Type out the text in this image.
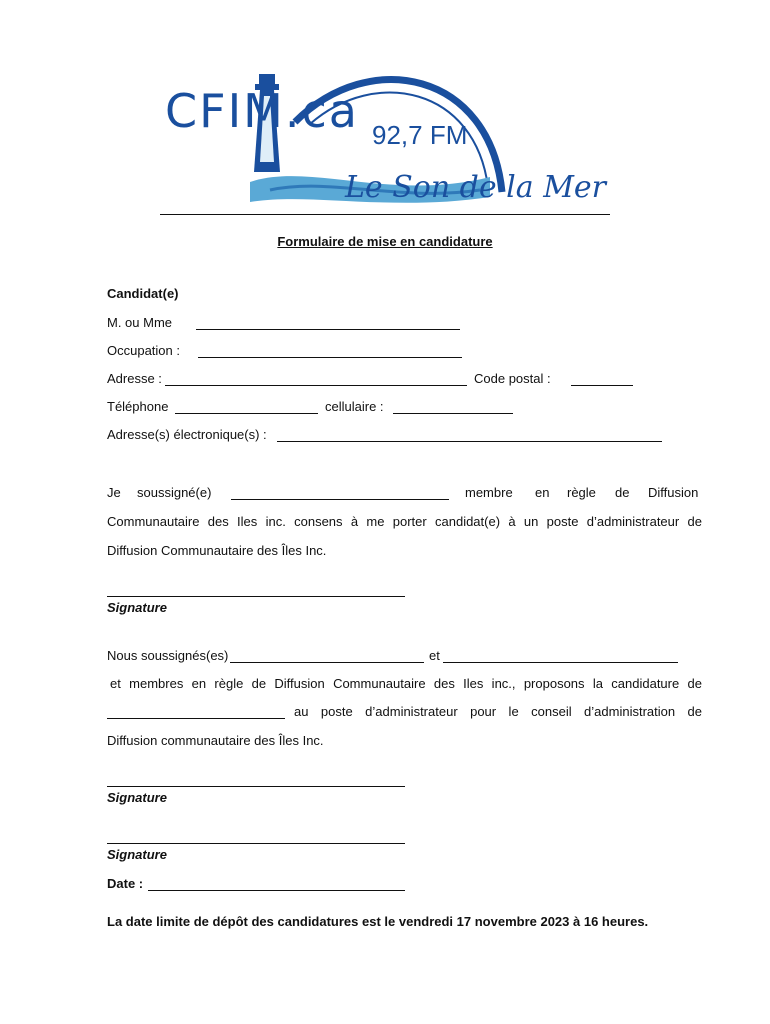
CFIM.ca 92,7 FM
Le Son de la Mer
Formulaire de mise en candidature
Candidat(e)
M. ou Mme
Occupation :
Adresse :	Code postal :
Téléphone	cellulaire :
Adresse(s) électronique(s) :
Je soussigné(e)	membre en règle de Diffusion
Communautaire des Iles inc. consens à me porter candidat(e) à un poste d’administrateur de
Diffusion Communautaire des Îles Inc.
Signature
Nous soussignés(es)	et
et membres en règle de Diffusion Communautaire des Iles inc., proposons la candidature de
au poste d’administrateur pour le conseil d’administration de
Diffusion communautaire des Îles Inc.
Signature
Signature
Date :
La date limite de dépôt des candidatures est le vendredi 17 novembre 2023 à 16 heures.
